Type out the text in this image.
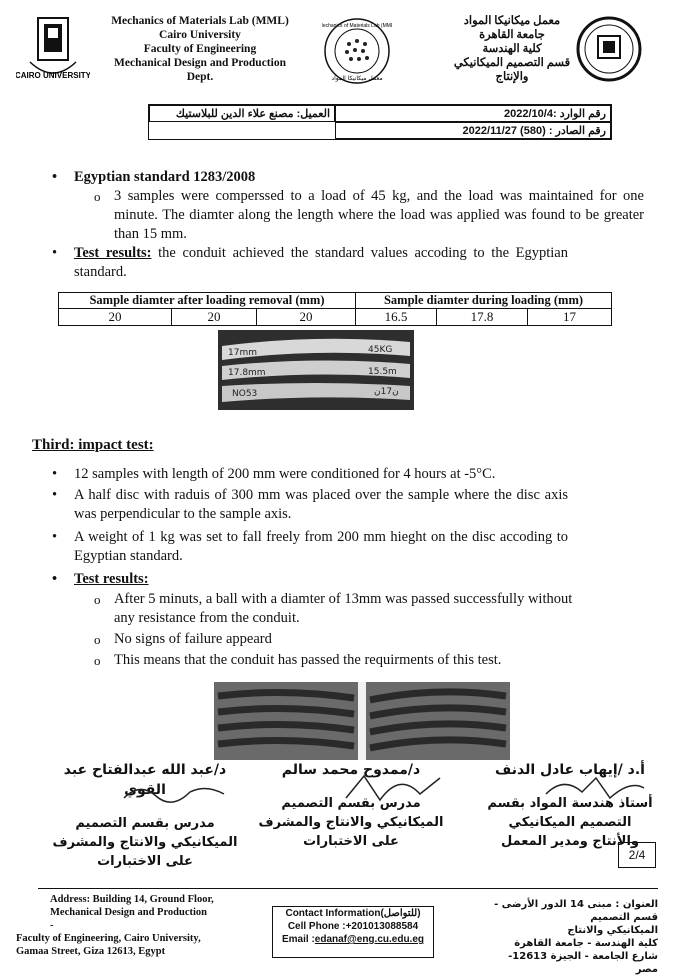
CAIRO UNIVERSITY
Mechanics of Materials Lab (MML)
Cairo University
Faculty of Engineering
Mechanical Design and Production
Dept.
Mechanics of Materials Lab (MML)
معمل ميكانيكا المواد
معمل ميكانيكا المواد
جامعة القاهرة
كلية الهندسة
قسم التصميم الميكانيكي
والإنتاج
العميل: مصنع علاء الدين للبلاستيك	رقم الوارد :2022/10/4
رقم الصادر : (580) 2022/11/27
• Egyptian standard 1283/2008
o 3 samples were comperssed to a load of 45 kg, and the load was maintained for one minute. The diamter along the length where the load was applied was found to be greater than 15 mm.
• Test results: the conduit achieved the standard values accoding to the Egyptian standard.
Sample diamter after loading removal (mm)			Sample diamter during loading (mm)		
20	20	20	16.5	17.8	17
17mm
17.8mm
NO53
45KG
15.5m
ن17ن
Third: impact test:
• 12 samples with length of 200 mm were conditioned for 4 hours at -5°C.
• A half disc with raduis of 300 mm was placed over the sample where the disc axis was perpendicular to the sample axis.
• A weight of 1 kg was set to fall freely from 200 mm hieght on the disc accoding to Egyptian standard.
• Test results:
o After 5 minuts, a ball with a diamter of 13mm was passed successfully without any resistance from the conduit.
o No signs of failure appeard
o This means that the conduit has passed the requirments of this test.
أ.د /إيهاب عادل الدنف
أستاذ هندسة المواد بقسم التصميم الميكانيكي والأنتاج ومدير المعمل
د/ممدوح محمد سالم
مدرس بقسم التصميم الميكانيكي والانتاج والمشرف على الاختبارات
د/عبد الله عبدالفتاح عبد القوي
مدرس بقسم التصميم الميكانيكي والانتاج والمشرف على الاختبارات	2/4
Address: Building 14, Ground Floor,
Mechanical Design and Production
-
Faculty of Engineering, Cairo University,
Gamaa Street, Giza 12613, Egypt
Contact Information(للتواصل)
Cell Phone :+201013088584
Email :edanaf@eng.cu.edu.eg
العنوان : مبنى 14 الدور الأرضى - قسم التصميم
الميكانيكي والانتاج
كلية الهندسة - جامعة القاهرة
شارع الجامعة - الجيزة 12613- مصر
